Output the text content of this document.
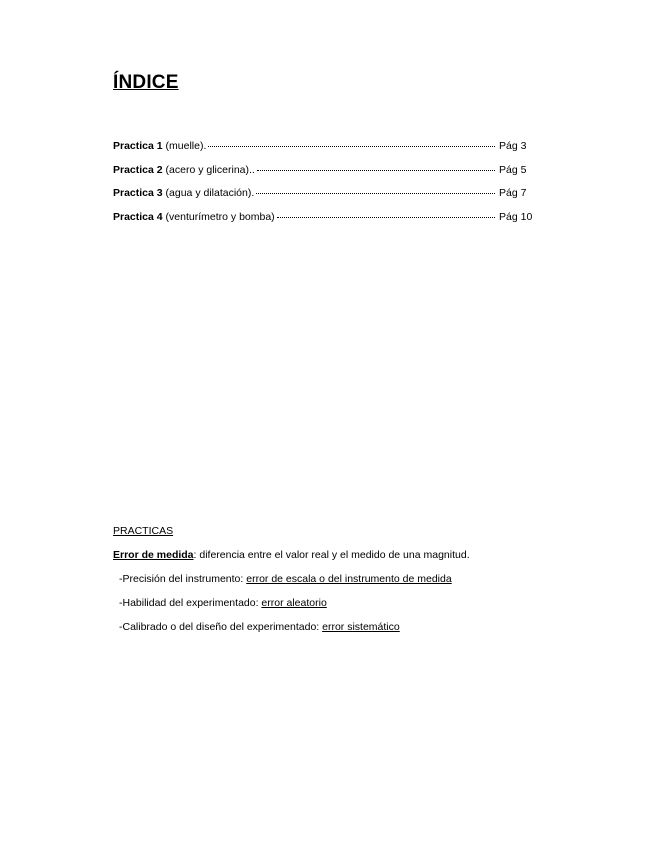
ÍNDICE
Practica 1 (muelle).	Pág 3
Practica 2 (acero y glicerina)..	Pág 5
Practica 3 (agua y dilatación).	Pág 7
Practica 4 (venturímetro y bomba)	Pág 10
PRACTICAS
Error de medida: diferencia entre el valor real y el medido de una magnitud.
-Precisión del instrumento: error de escala o del instrumento de medida
-Habilidad del experimentado: error aleatorio
-Calibrado o del diseño del experimentado: error sistemático
